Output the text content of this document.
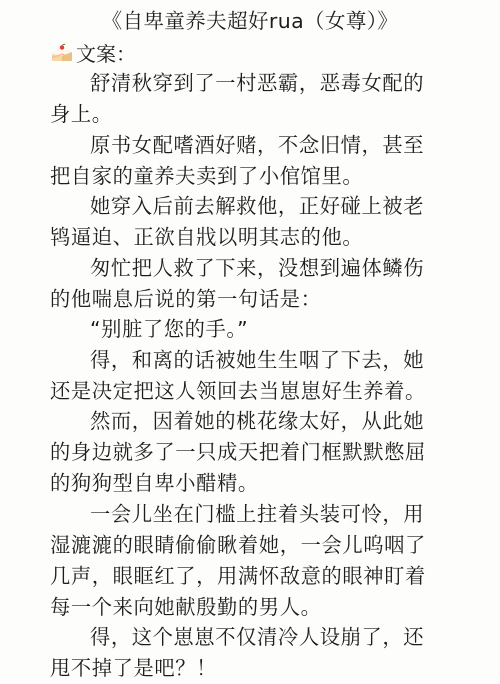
《自卑童养夫超好rua（女尊）》
文案：
舒清秋穿到了一村恶霸，恶毒女配的
身上。
原书女配嗜酒好赌，不念旧情，甚至
把自家的童养夫卖到了小倌馆里。
她穿入后前去解救他，正好碰上被老
鸨逼迫、正欲自戕以明其志的他。
匆忙把人救了下来，没想到遍体鳞伤
的他喘息后说的第一句话是：
“别脏了您的手。”
得，和离的话被她生生咽了下去，她
还是决定把这人领回去当崽崽好生养着。
然而，因着她的桃花缘太好，从此她
的身边就多了一只成天把着门框默默憋屈
的狗狗型自卑小醋精。
一会儿坐在门槛上拄着头装可怜，用
湿漉漉的眼睛偷偷瞅着她，一会儿呜咽了
几声，眼眶红了，用满怀敌意的眼神盯着
每一个来向她献殷勤的男人。
得，这个崽崽不仅清冷人设崩了，还
甩不掉了是吧？！
